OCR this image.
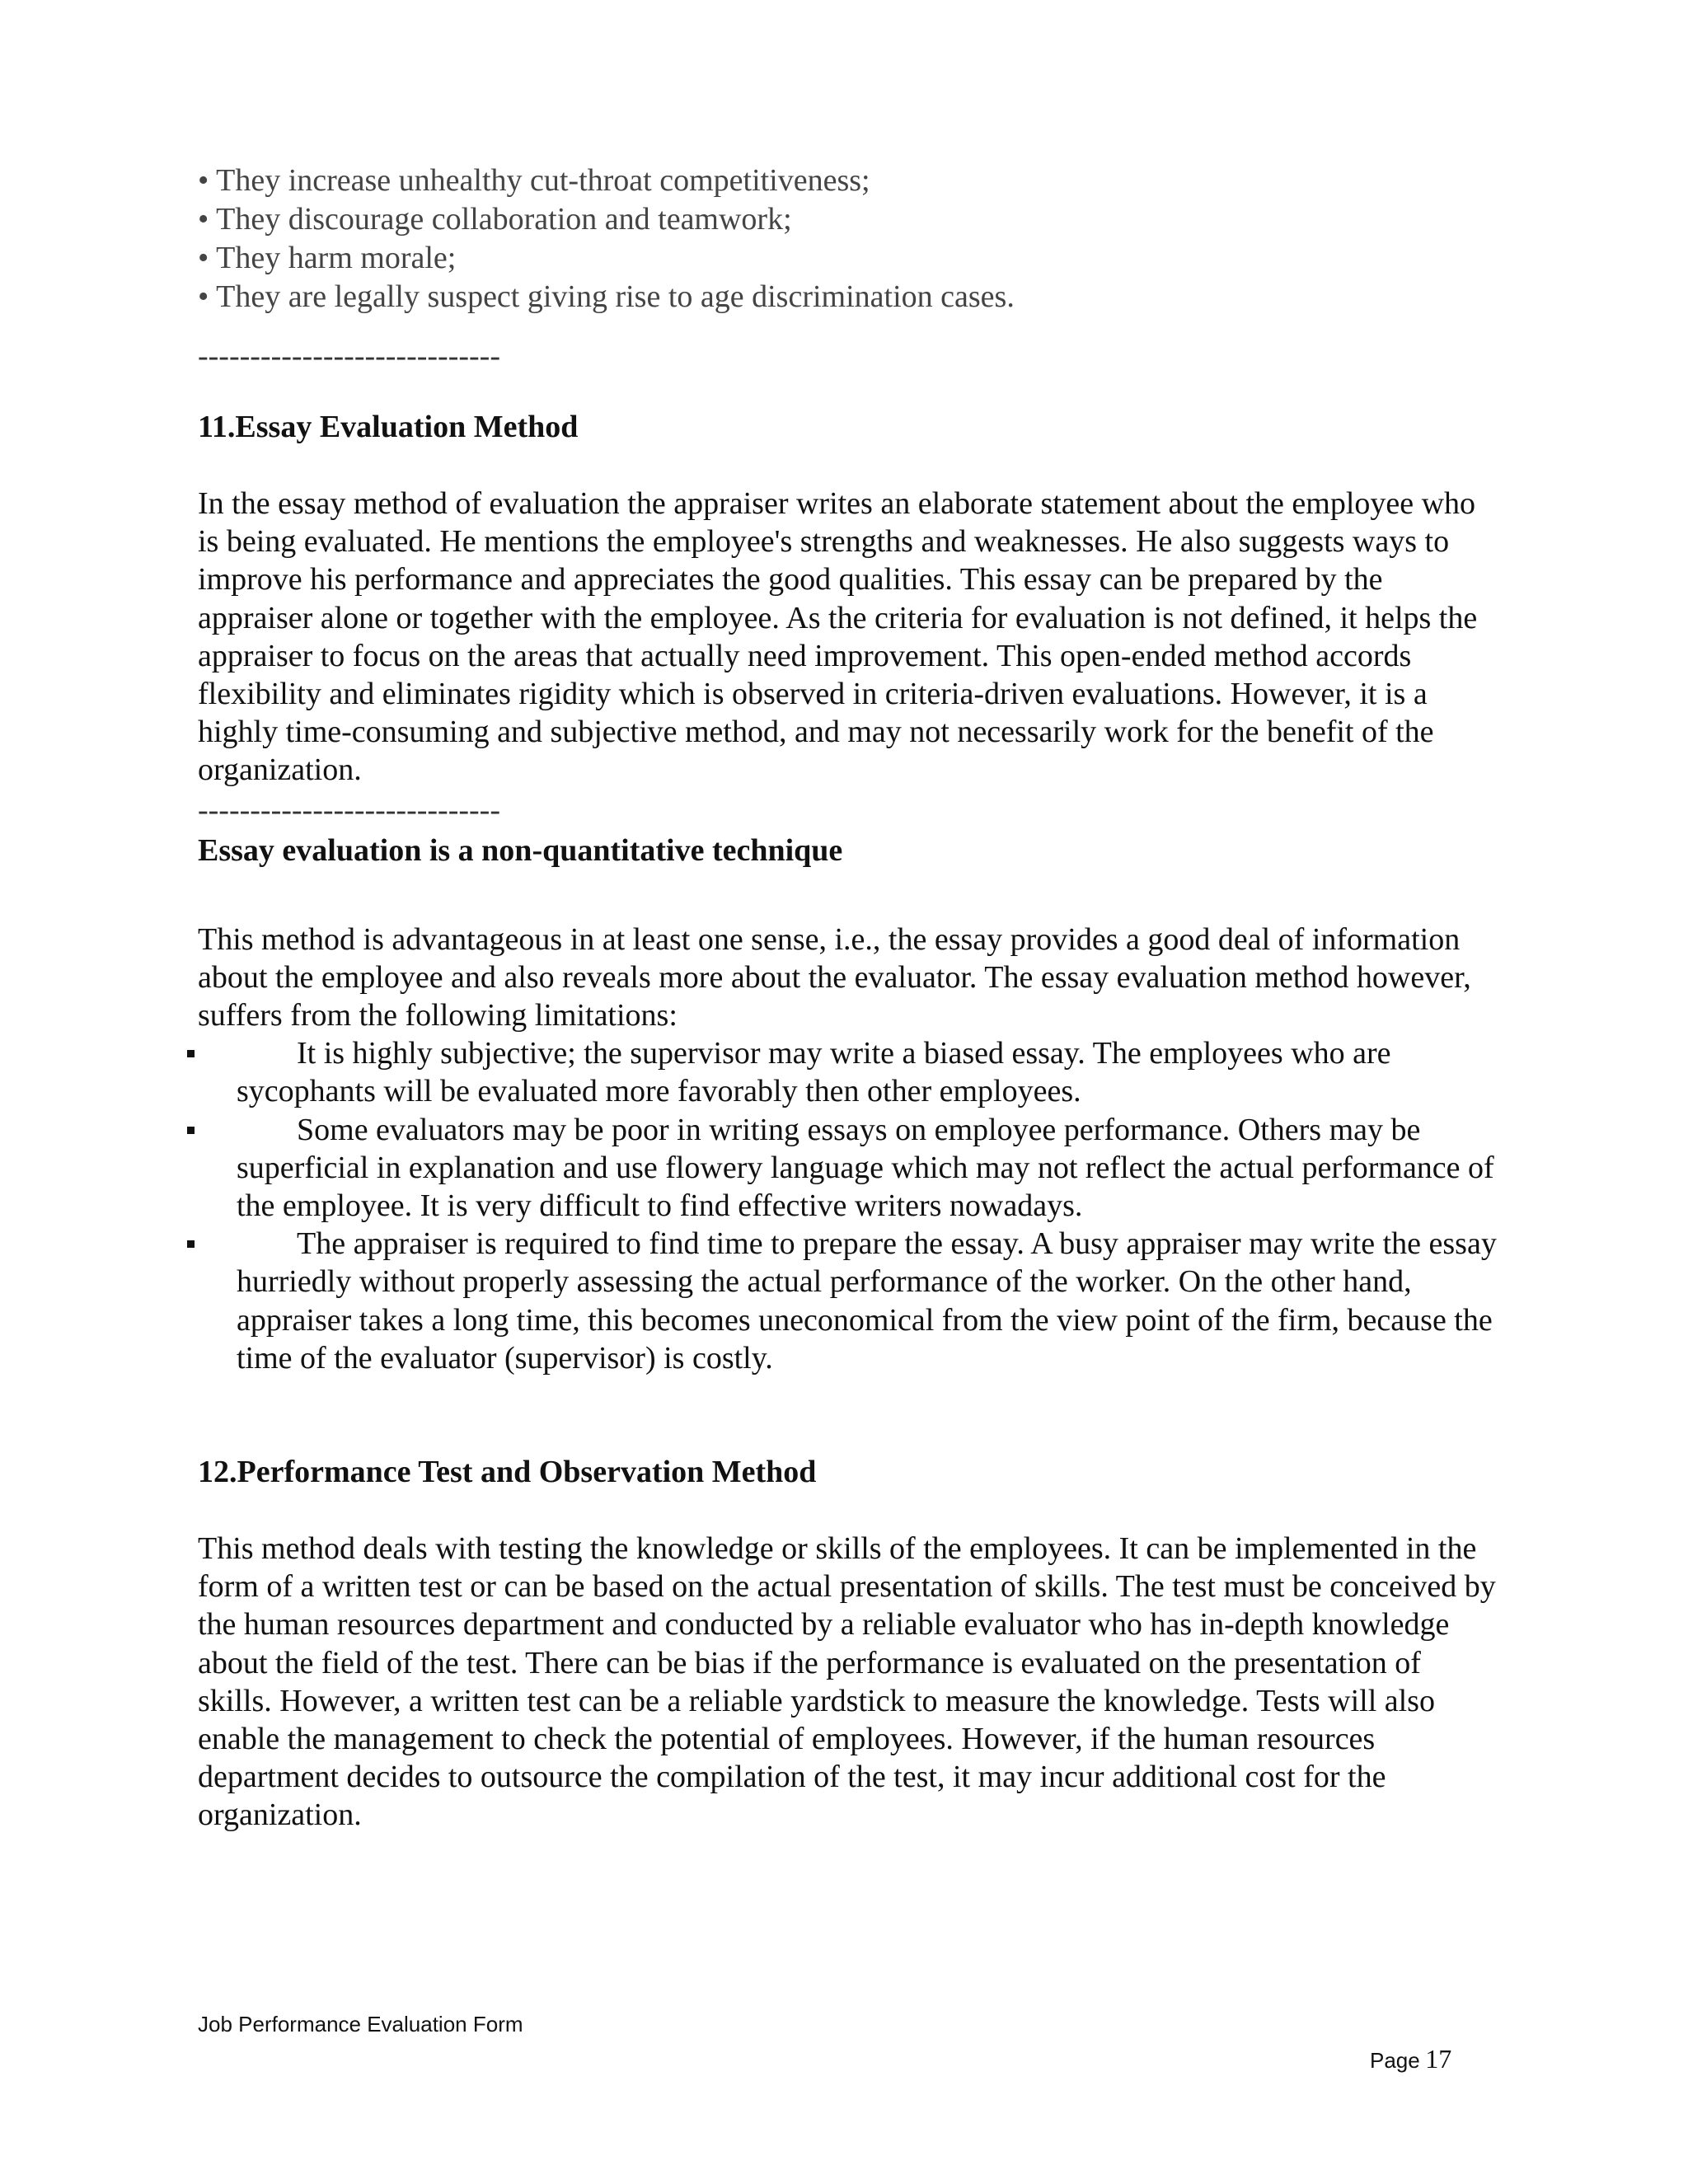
• They increase unhealthy cut-throat competitiveness;
• They discourage collaboration and teamwork;
• They harm morale;
• They are legally suspect giving rise to age discrimination cases.
-----------------------------
11.Essay Evaluation Method

In the essay method of evaluation the appraiser writes an elaborate statement about the employee who is being evaluated. He mentions the employee's strengths and weaknesses. He also suggests ways to improve his performance and appreciates the good qualities. This essay can be prepared by the appraiser alone or together with the employee. As the criteria for evaluation is not defined, it helps the appraiser to focus on the areas that actually need improvement. This open-ended method accords flexibility and eliminates rigidity which is observed in criteria-driven evaluations. However, it is a highly time-consuming and subjective method, and may not necessarily work for the benefit of the organization.

-----------------------------
Essay evaluation is a non-quantitative technique

This method is advantageous in at least one sense, i.e., the essay provides a good deal of information about the employee and also reveals more about the evaluator. The essay evaluation method however, suffers from the following limitations:

It is highly subjective; the supervisor may write a biased essay. The employees who are sycophants will be evaluated more favorably then other employees.
Some evaluators may be poor in writing essays on employee performance. Others may be superficial in explanation and use flowery language which may not reflect the actual performance of the employee. It is very difficult to find effective writers nowadays.
The appraiser is required to find time to prepare the essay. A busy appraiser may write the essay hurriedly without properly assessing the actual performance of the worker. On the other hand, appraiser takes a long time, this becomes uneconomical from the view point of the firm, because the time of the evaluator (supervisor) is costly.
12.Performance Test and Observation Method

This method deals with testing the knowledge or skills of the employees. It can be implemented in the form of a written test or can be based on the actual presentation of skills. The test must be conceived by the human resources department and conducted by a reliable evaluator who has in-depth knowledge about the field of the test. There can be bias if the performance is evaluated on the presentation of skills. However, a written test can be a reliable yardstick to measure the knowledge. Tests will also enable the management to check the potential of employees. However, if the human resources department decides to outsource the compilation of the test, it may incur additional cost for the organization.

Job Performance Evaluation Form
Page 17
